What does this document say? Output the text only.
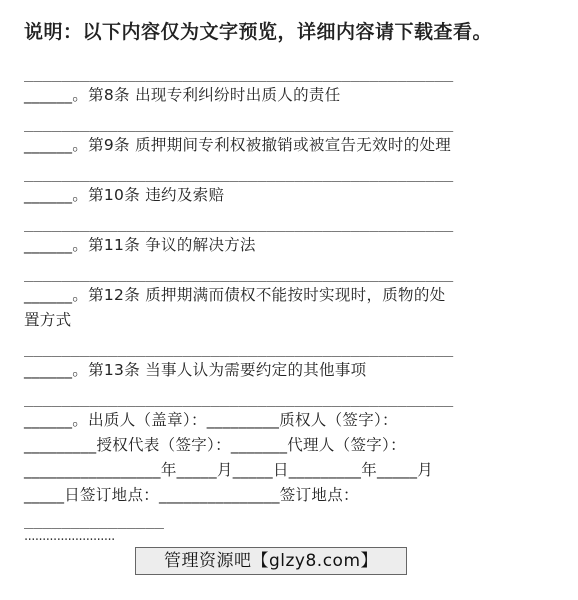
说明：以下内容仅为文字预览，详细内容请下载查看。
______________________________________________
______。第8条 出现专利纠纷时出质人的责任
______________________________________________
______。第9条 质押期间专利权被撤销或被宣告无效时的处理
______________________________________________
______。第10条 违约及索赔
______________________________________________
______。第11条 争议的解决方法
______________________________________________
______。第12条 质押期满而债权不能按时实现时，质物的处
置方式
______________________________________________
______。第13条 当事人认为需要约定的其他事项
______________________________________________
______。出质人（盖章）：_________质权人（签字）：
_________授权代表（签字）：_______代理人（签字）：
_________________年_____月_____日_________年_____月
_____日签订地点：_______________签订地点：
_______________
·························
管理资源吧【glzy8.com】
